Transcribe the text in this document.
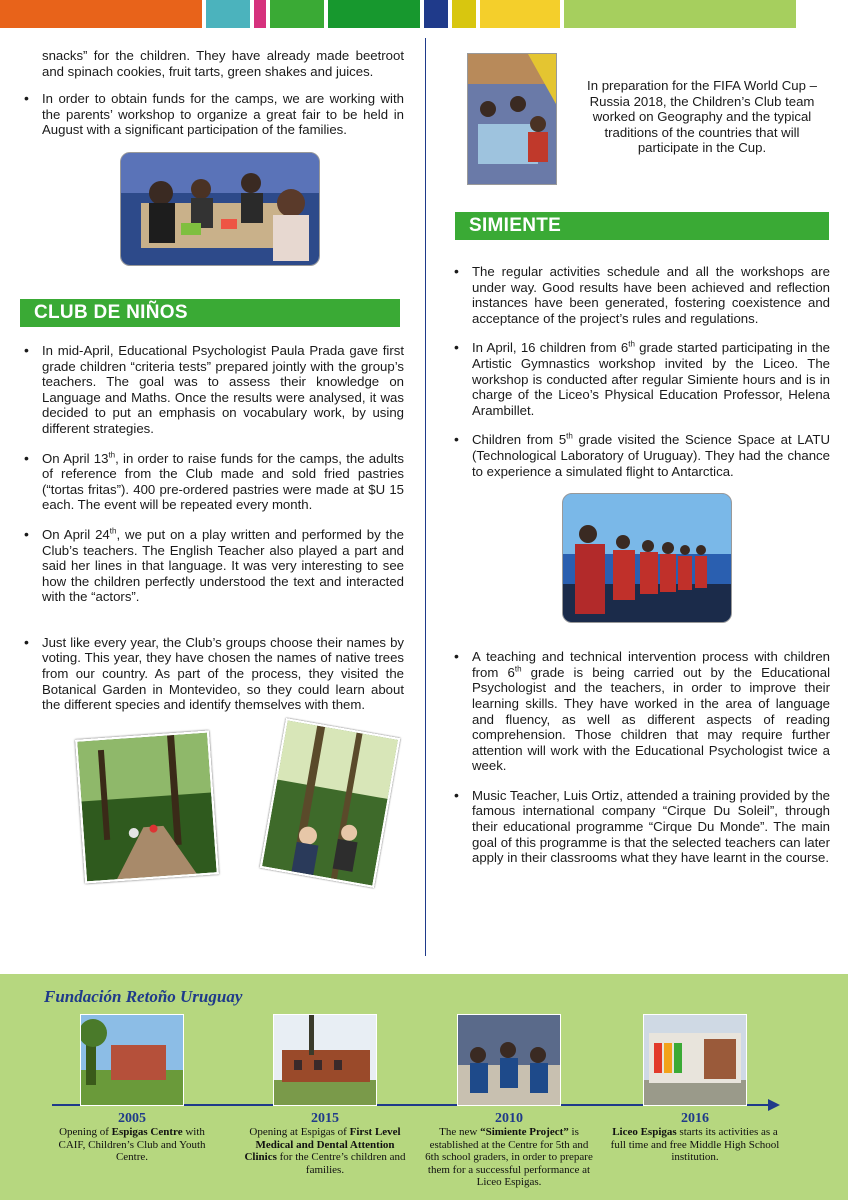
snacks” for the children. They have already made beetroot and spinach cookies, fruit tarts, green shakes and juices.
• In order to obtain funds for the camps, we are working with the parents’ workshop to organize a great fair to be held in August with a significant participation of the families.
CLUB DE NIÑOS
• In mid-April, Educational Psychologist Paula Prada gave first grade children “criteria tests” prepared jointly with the group’s teachers. The goal was to assess their knowledge on Language and Maths. Once the results were analysed, it was decided to put an emphasis on vocabulary work, by using different strategies.
• On April 13th, in order to raise funds for the camps, the adults of reference from the Club made and sold fried pastries (“tortas fritas”). 400 pre-ordered pastries were made at $U 15 each. The event will be repeated every month.
• On April 24th, we put on a play written and performed by the Club’s teachers. The English Teacher also played a part and said her lines in that language. It was very interesting to see how the children perfectly understood the text and interacted with the “actors”.
• Just like every year, the Club’s groups choose their names by voting. This year, they have chosen the names of native trees from our country. As part of the process, they visited the Botanical Garden in Montevideo, so they could learn about the different species and identify themselves with them.
In preparation for the FIFA World Cup – Russia 2018, the Children’s Club team worked on Geography and the typical traditions of the countries that will participate in the Cup.
SIMIENTE
• The regular activities schedule and all the workshops are under way. Good results have been achieved and reflection instances have been generated, fostering coexistence and acceptance of the project’s rules and regulations.
• In April, 16 children from 6th grade started participating in the Artistic Gymnastics workshop invited by the Liceo. The workshop is conducted after regular Simiente hours and is in charge of the Liceo’s Physical Education Professor, Helena Arambillet.
• Children from 5th grade visited the Science Space at LATU (Technological Laboratory of Uruguay). They had the chance to experience a simulated flight to Antarctica.
• A teaching and technical intervention process with children from 6th grade is being carried out by the Educational Psychologist and the teachers, in order to improve their learning skills. They have worked in the area of language and fluency, as well as different aspects of reading comprehension. Those children that may require further attention will work with the Educational Psychologist twice a week.
• Music Teacher, Luis Ortiz, attended a training provided by the famous international company “Cirque Du Soleil”, through their educational programme “Cirque Du Monde”. The main goal of this programme is that the selected teachers can later apply in their classrooms what they have learnt in the course.
Fundación Retoño Uruguay
2005
Opening of Espigas Centre with CAIF, Children’s Club and Youth Centre.
2015
Opening at Espigas of First Level Medical and Dental Attention Clinics for the Centre’s children and families.
2010
The new “Simiente Project” is established at the Centre for 5th and 6th school graders, in order to prepare them for a successful performance at Liceo Espigas.
2016
Liceo Espigas starts its activities as a full time and free Middle High School institution.
